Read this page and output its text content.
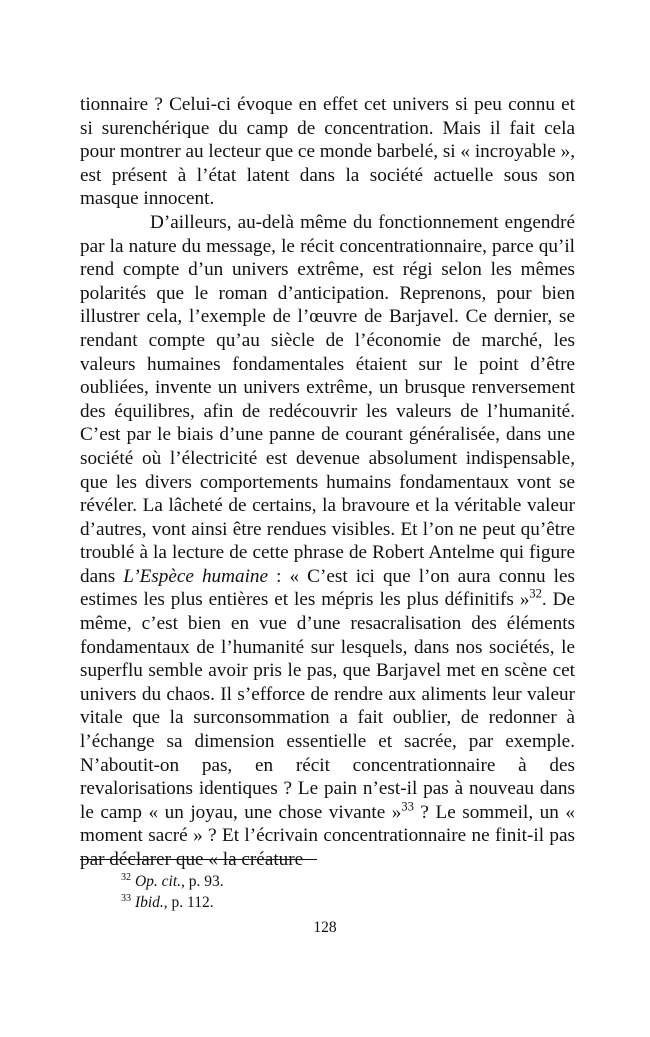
tionnaire ? Celui-ci évoque en effet cet univers si peu connu et si surenchérique du camp de concentration. Mais il fait cela pour montrer au lecteur que ce monde barbelé, si « incroyable », est présent à l’état latent dans la société actuelle sous son masque innocent.

D’ailleurs, au-delà même du fonctionnement engendré par la nature du message, le récit concentrationnaire, parce qu’il rend compte d’un univers extrême, est régi selon les mêmes polarités que le roman d’anticipation. Reprenons, pour bien illustrer cela, l’exemple de l’œuvre de Barjavel. Ce dernier, se rendant compte qu’au siècle de l’économie de marché, les valeurs humaines fondamentales étaient sur le point d’être oubliées, invente un univers extrême, un brusque renversement des équilibres, afin de redécouvrir les valeurs de l’humanité. C’est par le biais d’une panne de courant généralisée, dans une société où l’électricité est devenue absolument indispensable, que les divers comportements humains fondamentaux vont se révéler. La lâcheté de certains, la bravoure et la véritable valeur d’autres, vont ainsi être rendues visibles. Et l’on ne peut qu’être troublé à la lecture de cette phrase de Robert Antelme qui figure dans L’Espèce humaine : « C’est ici que l’on aura connu les estimes les plus entières et les mépris les plus définitifs »$^{32}$. De même, c’est bien en vue d’une resacralisation des éléments fondamentaux de l’humanité sur lesquels, dans nos sociétés, le superflu semble avoir pris le pas, que Barjavel met en scène cet univers du chaos. Il s’efforce de rendre aux aliments leur valeur vitale que la surconsommation a fait oublier, de redonner à l’échange sa dimension essentielle et sacrée, par exemple. N’aboutit-on pas, en récit concentrationnaire à des revalorisations identiques ? Le pain n’est-il pas à nouveau dans le camp « un joyau, une chose vivante »$^{33}$ ? Le sommeil, un « moment sacré » ? Et l’écrivain concentrationnaire ne finit-il pas par déclarer que « la créature

$^{32}$ Op. cit., p. 93.

$^{33}$ Ibid., p. 112.

128
